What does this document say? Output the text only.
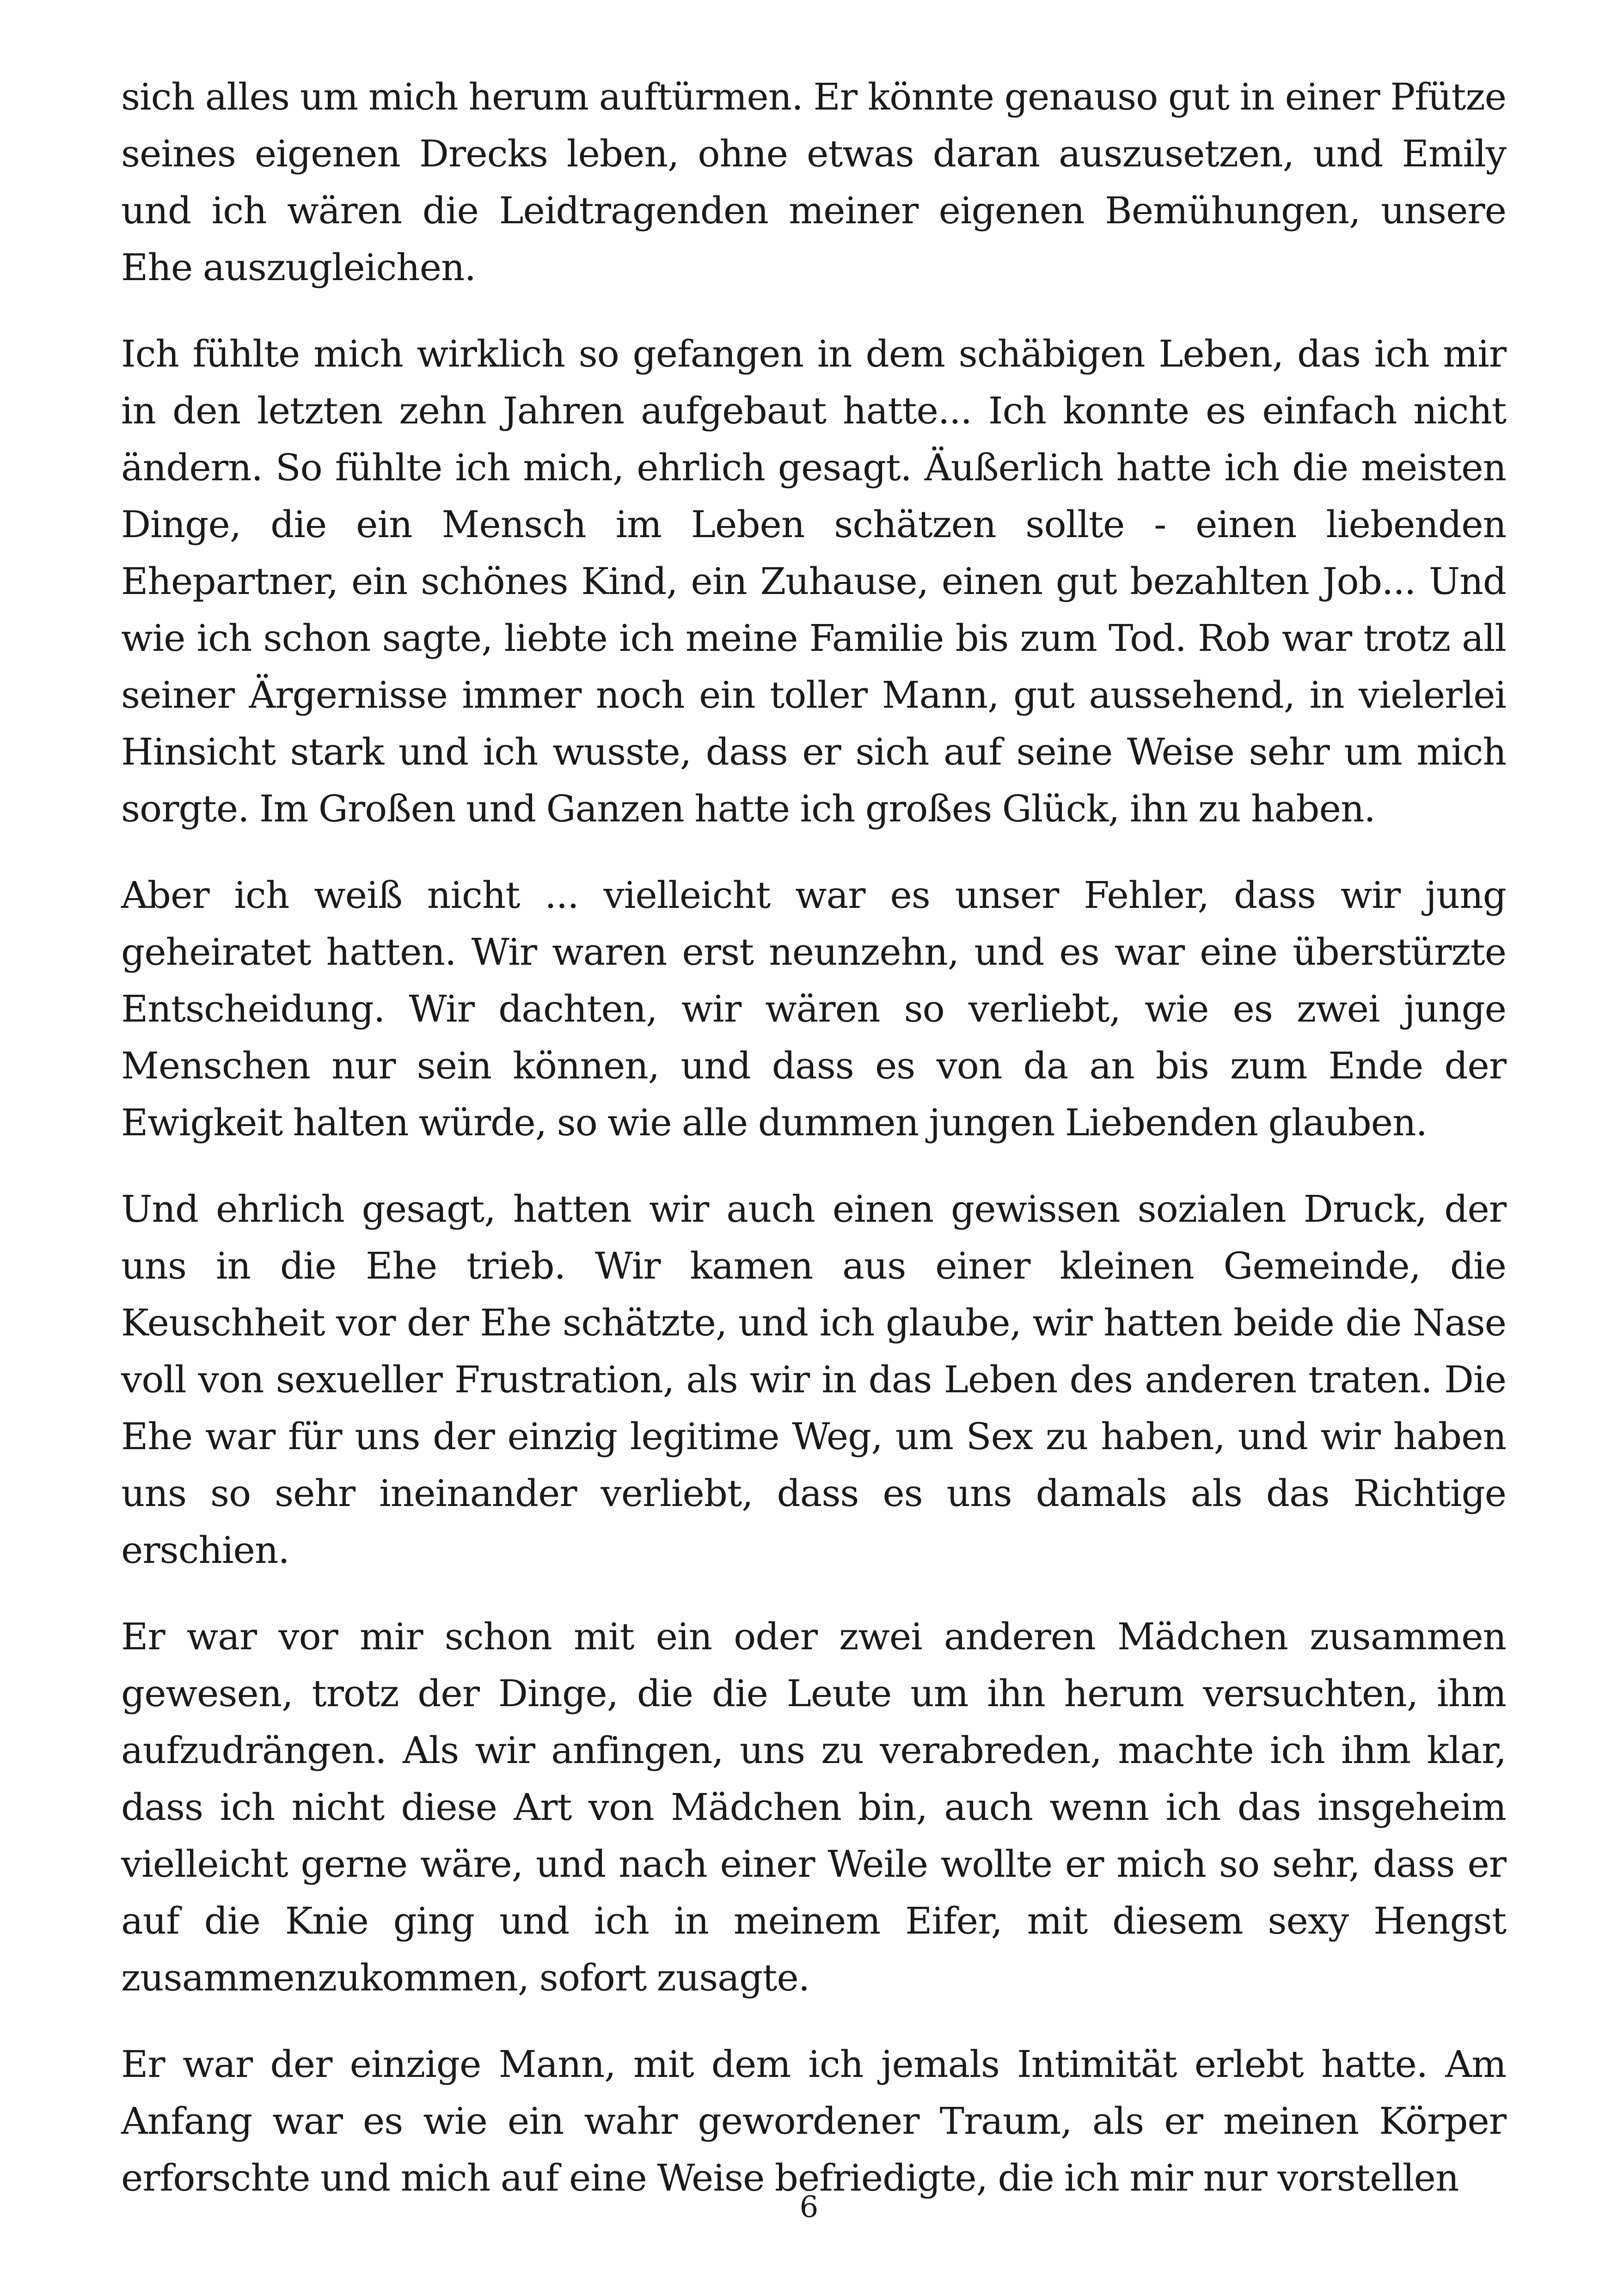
sich alles um mich herum auftürmen. Er könnte genauso gut in einer Pfütze seines eigenen Drecks leben, ohne etwas daran auszusetzen, und Emily und ich wären die Leidtragenden meiner eigenen Bemühungen, unsere Ehe auszugleichen.

Ich fühlte mich wirklich so gefangen in dem schäbigen Leben, das ich mir in den letzten zehn Jahren aufgebaut hatte... Ich konnte es einfach nicht ändern. So fühlte ich mich, ehrlich gesagt. Äußerlich hatte ich die meisten Dinge, die ein Mensch im Leben schätzen sollte - einen liebenden Ehepartner, ein schönes Kind, ein Zuhause, einen gut bezahlten Job... Und wie ich schon sagte, liebte ich meine Familie bis zum Tod. Rob war trotz all seiner Ärgernisse immer noch ein toller Mann, gut aussehend, in vielerlei Hinsicht stark und ich wusste, dass er sich auf seine Weise sehr um mich sorgte. Im Großen und Ganzen hatte ich großes Glück, ihn zu haben.

Aber ich weiß nicht ... vielleicht war es unser Fehler, dass wir jung geheiratet hatten. Wir waren erst neunzehn, und es war eine überstürzte Entscheidung. Wir dachten, wir wären so verliebt, wie es zwei junge Menschen nur sein können, und dass es von da an bis zum Ende der Ewigkeit halten würde, so wie alle dummen jungen Liebenden glauben.

Und ehrlich gesagt, hatten wir auch einen gewissen sozialen Druck, der uns in die Ehe trieb. Wir kamen aus einer kleinen Gemeinde, die Keuschheit vor der Ehe schätzte, und ich glaube, wir hatten beide die Nase voll von sexueller Frustration, als wir in das Leben des anderen traten. Die Ehe war für uns der einzig legitime Weg, um Sex zu haben, und wir haben uns so sehr ineinander verliebt, dass es uns damals als das Richtige erschien.

Er war vor mir schon mit ein oder zwei anderen Mädchen zusammen gewesen, trotz der Dinge, die die Leute um ihn herum versuchten, ihm aufzudrängen. Als wir anfingen, uns zu verabreden, machte ich ihm klar, dass ich nicht diese Art von Mädchen bin, auch wenn ich das insgeheim vielleicht gerne wäre, und nach einer Weile wollte er mich so sehr, dass er auf die Knie ging und ich in meinem Eifer, mit diesem sexy Hengst zusammenzukommen, sofort zusagte.

Er war der einzige Mann, mit dem ich jemals Intimität erlebt hatte. Am Anfang war es wie ein wahr gewordener Traum, als er meinen Körper erforschte und mich auf eine Weise befriedigte, die ich mir nur vorstellen

6
